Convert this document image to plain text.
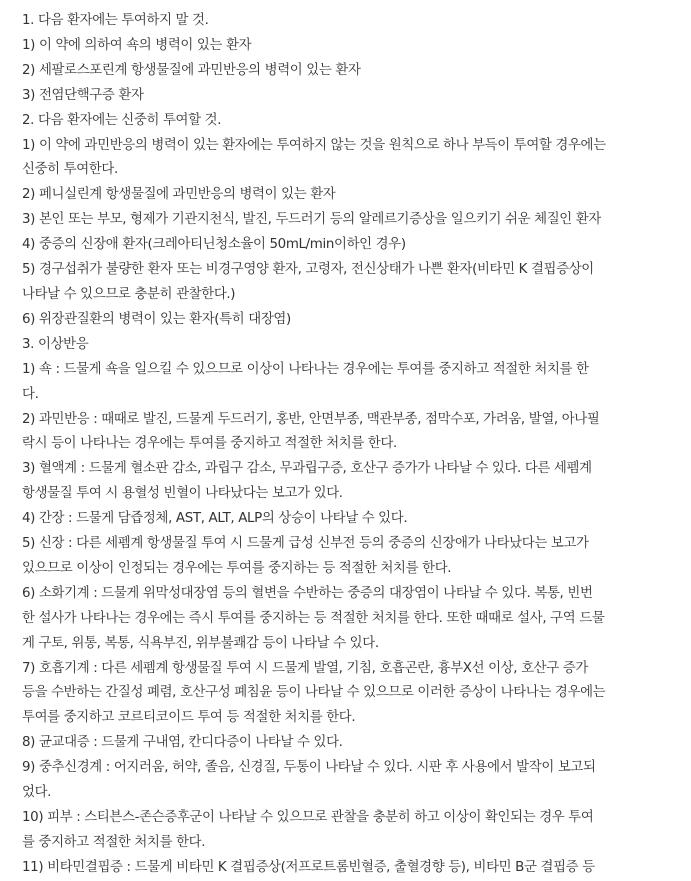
1. 다음 환자에는 투여하지 말 것.

1) 이 약에 의하여 쇽의 병력이 있는 환자

2) 세팔로스포린계 항생물질에 과민반응의 병력이 있는 환자

3) 전염단핵구증 환자

2. 다음 환자에는 신중히 투여할 것.

1) 이 약에 과민반응의 병력이 있는 환자에는 투여하지 않는 것을 원칙으로 하나 부득이 투여할 경우에는

신중히 투여한다.

2) 페니실린계 항생물질에 과민반응의 병력이 있는 환자

3) 본인 또는 부모, 형제가 기관지천식, 발진, 두드러기 등의 알레르기증상을 일으키기 쉬운 체질인 환자

4) 중증의 신장애 환자(크레아티닌청소율이 50mL/min이하인 경우)

5) 경구섭취가 불량한 환자 또는 비경구영양 환자, 고령자, 전신상태가 나쁜 환자(비타민 K 결핍증상이

나타날 수 있으므로 충분히 관찰한다.)

6) 위장관질환의 병력이 있는 환자(특히 대장염)

3. 이상반응

1) 쇽 : 드물게 쇽을 일으킬 수 있으므로 이상이 나타나는 경우에는 투여를 중지하고 적절한 처치를 한

다.

2) 과민반응 : 때때로 발진, 드물게 두드러기, 홍반, 안면부종, 맥관부종, 점막수포, 가려움, 발열, 아나필

락시 등이 나타나는 경우에는 투여를 중지하고 적절한 처치를 한다.

3) 혈액계 : 드물게 혈소판 감소, 과립구 감소, 무과립구증, 호산구 증가가 나타날 수 있다. 다른 세펨계

항생물질 투여 시 용혈성 빈혈이 나타났다는 보고가 있다.

4) 간장 : 드물게 담즙정체, AST, ALT, ALP의 상승이 나타날 수 있다.

5) 신장 : 다른 세펨계 항생물질 투여 시 드물게 급성 신부전 등의 중증의 신장애가 나타났다는 보고가

있으므로 이상이 인정되는 경우에는 투여를 중지하는 등 적절한 처치를 한다.

6) 소화기계 : 드물게 위막성대장염 등의 혈변을 수반하는 중증의 대장염이 나타날 수 있다. 복통, 빈번

한 설사가 나타나는 경우에는 즉시 투여를 중지하는 등 적절한 처치를 한다. 또한 때때로 설사, 구역 드물

게 구토, 위통, 복통, 식욕부진, 위부불쾌감 등이 나타날 수 있다.

7) 호흡기계 : 다른 세펨계 항생물질 투여 시 드물게 발열, 기침, 호흡곤란, 흉부X선 이상, 호산구 증가

등을 수반하는 간질성 폐렴, 호산구성 폐침윤 등이 나타날 수 있으므로 이러한 증상이 나타나는 경우에는

투여를 중지하고 코르티코이드 투여 등 적절한 처치를 한다.

8) 균교대증 : 드물게 구내염, 칸디다증이 나타날 수 있다.

9) 중추신경계 : 어지러움, 허약, 졸음, 신경질, 두통이 나타날 수 있다. 시판 후 사용에서 발작이 보고되

었다.

10) 피부 : 스티븐스-존슨증후군이 나타날 수 있으므로 관찰을 충분히 하고 이상이 확인되는 경우 투여

를 중지하고 적절한 처치를 한다.

11) 비타민결핍증 : 드물게 비타민 K 결핍증상(저프로트롬빈혈증, 출혈경향 등), 비타민 B군 결핍증 등
